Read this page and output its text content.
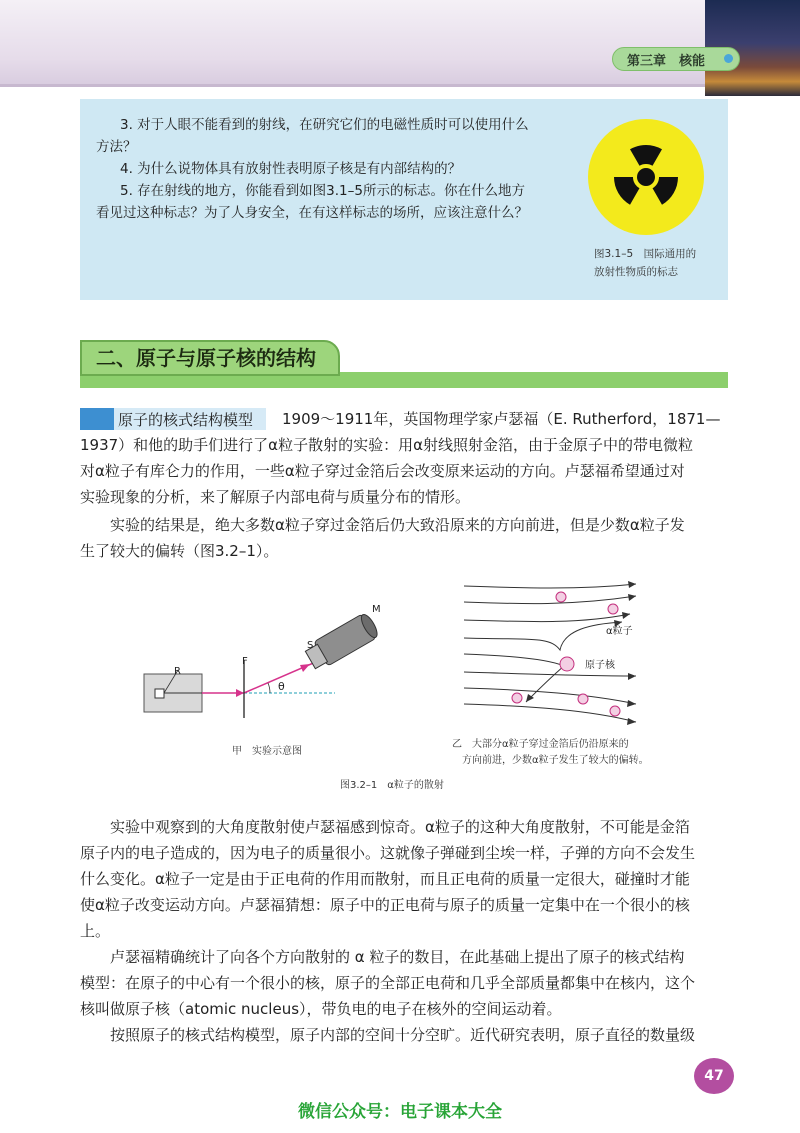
第三章　核能
3. 对于人眼不能看到的射线，在研究它们的电磁性质时可以使用什么
方法？
4. 为什么说物体具有放射性表明原子核是有内部结构的？
5. 存在射线的地方，你能看到如图3.1–5所示的标志。你在什么地方
看见过这种标志？为了人身安全，在有这样标志的场所，应该注意什么？
图3.1–5　国际通用的
放射性物质的标志
二、原子与原子核的结构
原子的核式结构模型 1909～1911年，英国物理学家卢瑟福（E. Rutherford，1871—
1937）和他的助手们进行了α粒子散射的实验：用α射线照射金箔，由于金原子中的带电微粒
对α粒子有库仑力的作用，一些α粒子穿过金箔后会改变原来运动的方向。卢瑟福希望通过对
实验现象的分析，来了解原子内部电荷与质量分布的情形。
实验的结果是，绝大多数α粒子穿过金箔后仍大致沿原来的方向前进，但是少数α粒子发
生了较大的偏转（图3.2–1）。
R
F
S
M
θ
甲　实验示意图
α粒子
原子核
乙　大部分α粒子穿过金箔后仍沿原来的
方向前进，少数α粒子发生了较大的偏转。
图3.2–1　α粒子的散射
实验中观察到的大角度散射使卢瑟福感到惊奇。α粒子的这种大角度散射，不可能是金箔
原子内的电子造成的，因为电子的质量很小。这就像子弹碰到尘埃一样，子弹的方向不会发生
什么变化。α粒子一定是由于正电荷的作用而散射，而且正电荷的质量一定很大，碰撞时才能
使α粒子改变运动方向。卢瑟福猜想：原子中的正电荷与原子的质量一定集中在一个很小的核
上。
卢瑟福精确统计了向各个方向散射的 α 粒子的数目，在此基础上提出了原子的核式结构
模型：在原子的中心有一个很小的核，原子的全部正电荷和几乎全部质量都集中在核内，这个
核叫做原子核（atomic nucleus），带负电的电子在核外的空间运动着。
按照原子的核式结构模型，原子内部的空间十分空旷。近代研究表明，原子直径的数量级
47
微信公众号：电子课本大全
